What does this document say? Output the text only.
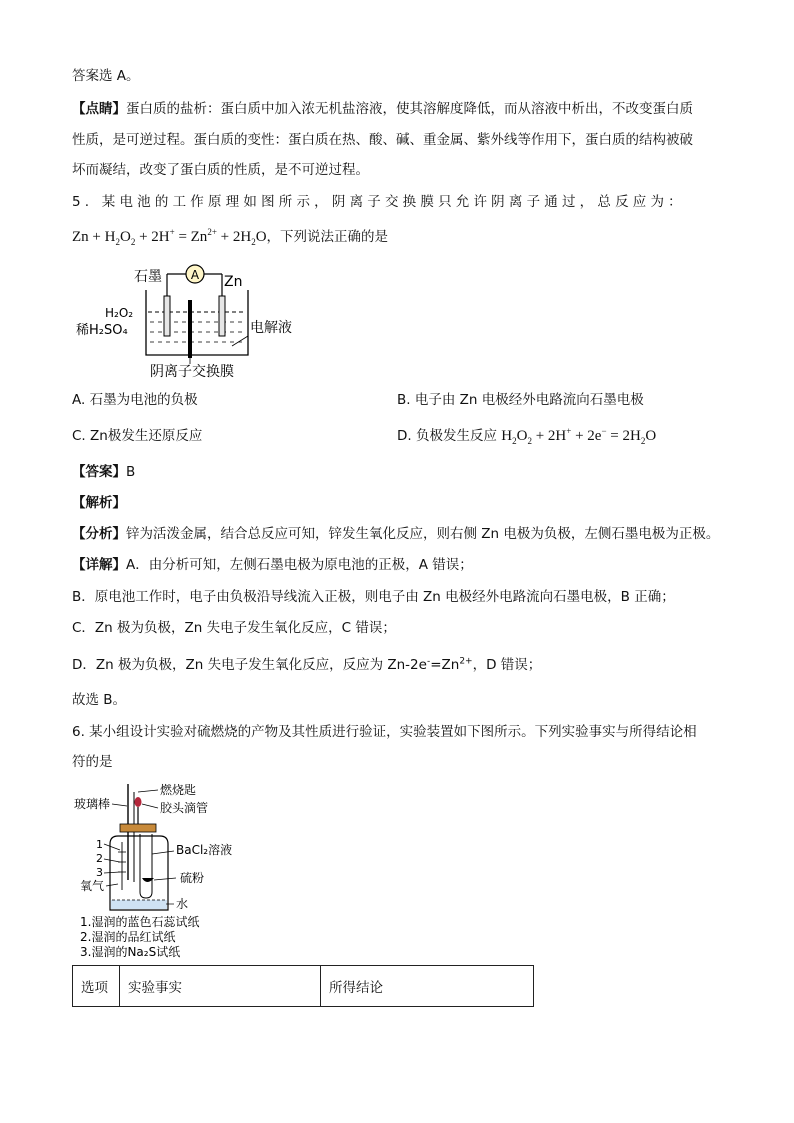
答案选 A。
【点睛】蛋白质的盐析：蛋白质中加入浓无机盐溶液，使其溶解度降低，而从溶液中析出，不改变蛋白质
性质，是可逆过程。蛋白质的变性：蛋白质在热、酸、碱、重金属、紫外线等作用下，蛋白质的结构被破
坏而凝结，改变了蛋白质的性质，是不可逆过程。
5. 某电池的工作原理如图所示，阴离子交换膜只允许阴离子通过，总反应为：
$Zn + H_2O_2 + 2H^+ = Zn^{2+} + 2H_2O$，下列说法正确的是
A
石墨	Zn
H₂O₂
稀H₂SO₄	电解液
阴离子交换膜
A. 石墨为电池的负极	B. 电子由 Zn 电极经外电路流向石墨电极
C. Zn极发生还原反应	D. 负极发生反应 $H_2O_2 + 2H^+ + 2e^- = 2H_2O$
【答案】B
【解析】
【分析】锌为活泼金属，结合总反应可知，锌发生氧化反应，则右侧 Zn 电极为负极，左侧石墨电极为正极。
【详解】A．由分析可知，左侧石墨电极为原电池的正极，A 错误；
B．原电池工作时，电子由负极沿导线流入正极，则电子由 Zn 电极经外电路流向石墨电极，B 正确；
C．Zn 极为负极，Zn 失电子发生氧化反应，C 错误；
D．Zn 极为负极，Zn 失电子发生氧化反应，反应为 $Zn-2e^-=Zn^{2+}$，D 错误；
故选 B。
6. 某小组设计实验对硫燃烧的产物及其性质进行验证，实验装置如下图所示。下列实验事实与所得结论相
符的是
燃烧匙
玻璃棒	胶头滴管
1
2
3
BaCl₂溶液
氧气
硫粉
水
1.湿润的蓝色石蕊试纸
2.湿润的品红试纸
3.湿润的Na₂S试纸
选项	实验事实	所得结论
